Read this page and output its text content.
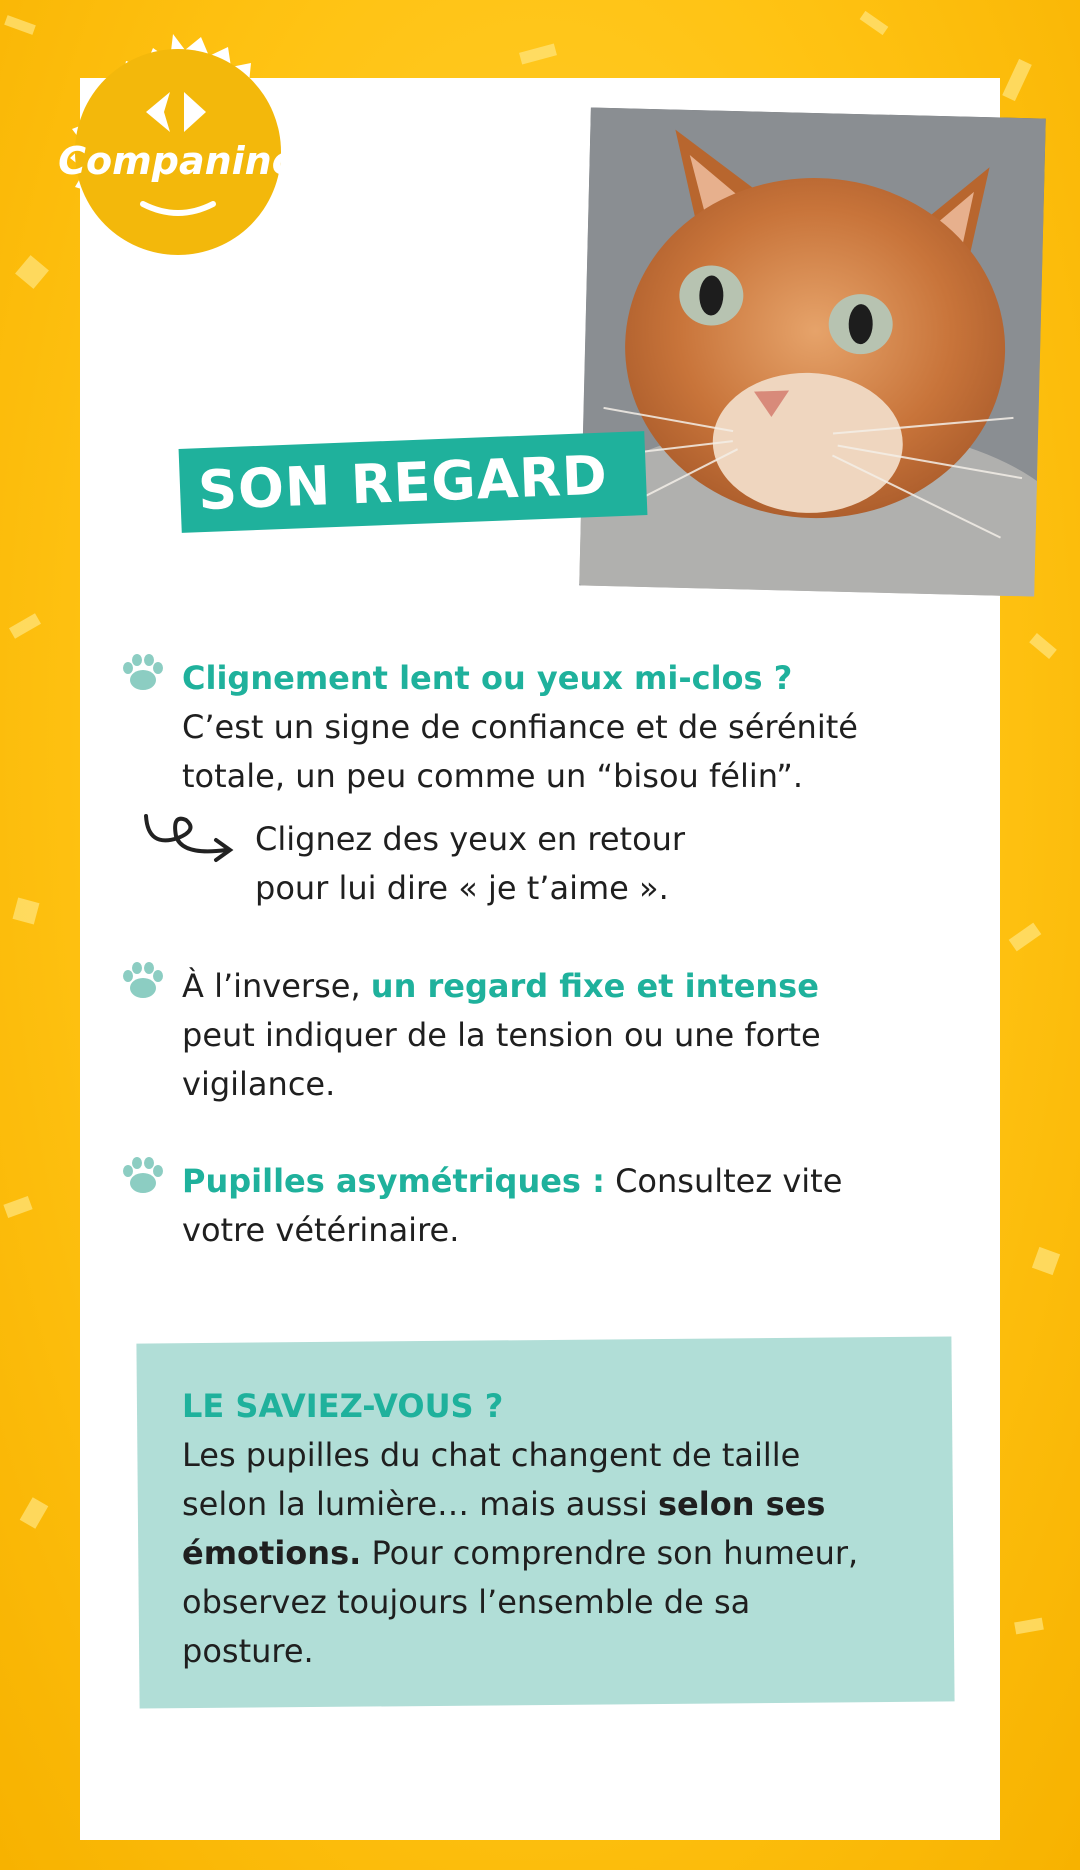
Companino
SON REGARD
Clignement lent ou yeux mi-clos ?
C’est un signe de confiance et de sérénité
totale, un peu comme un “bisou félin”.
Clignez des yeux en retour
pour lui dire « je t’aime ».
À l’inverse, un regard fixe et intense
peut indiquer de la tension ou une forte
vigilance.
Pupilles asymétriques : Consultez vite
votre vétérinaire.
LE SAVIEZ-VOUS ?
Les pupilles du chat changent de taille
selon la lumière… mais aussi selon ses
émotions. Pour comprendre son humeur,
observez toujours l’ensemble de sa
posture.
